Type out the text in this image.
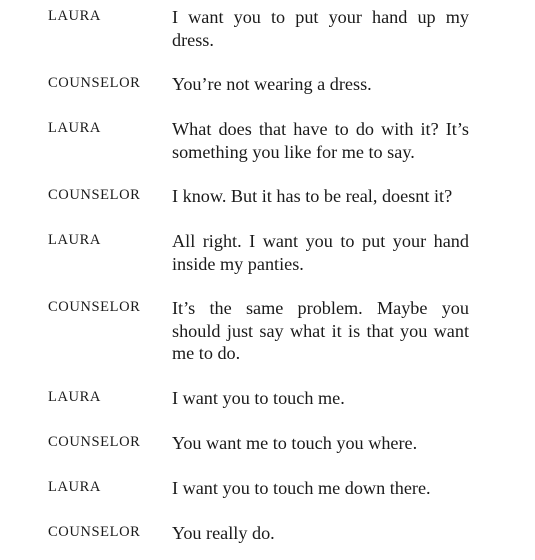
LAURA	I want you to put your hand up my dress.

COUNSELOR You’re not wearing a dress.

LAURA	What does that have to do with it? It’s something you like for me to say.

COUNSELOR I know. But it has to be real, doesnt it?

LAURA	All right. I want you to put your hand inside my panties.

COUNSELOR It’s the same problem. Maybe you should just say what it is that you want me to do.

LAURA	I want you to touch me.

COUNSELOR You want me to touch you where.

LAURA	I want you to touch me down there.

COUNSELOR You really do.
